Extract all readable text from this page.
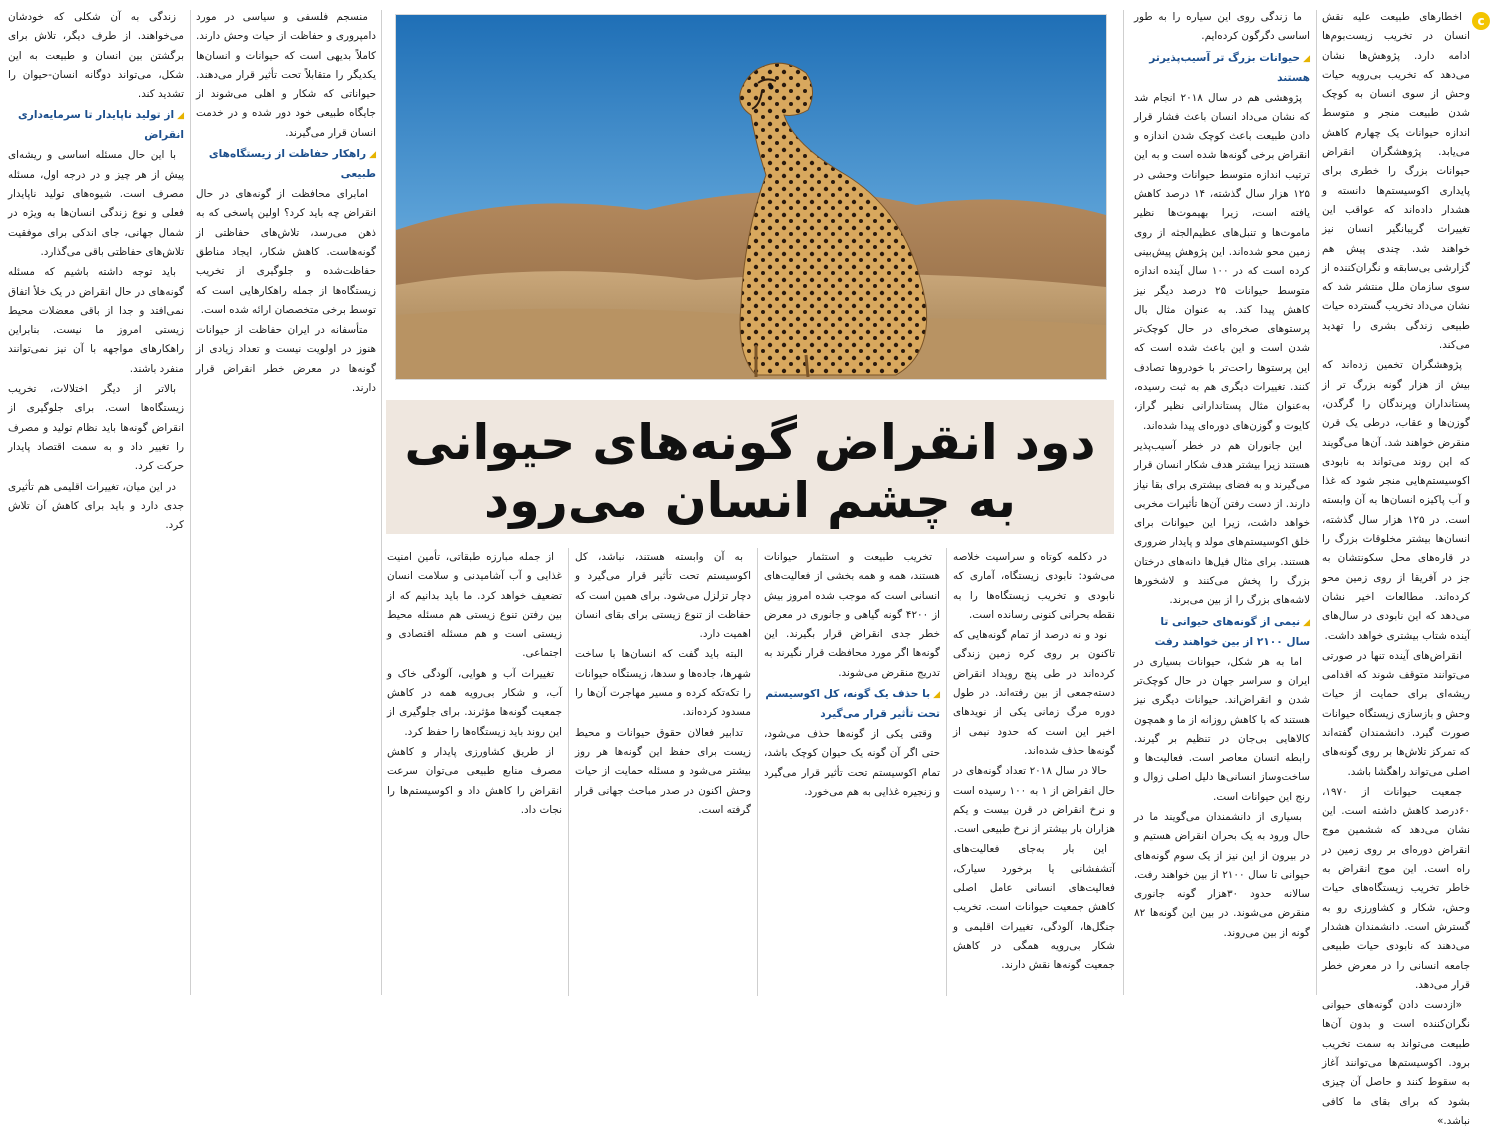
c

اخطارهای طبیعت علیه نقش انسان در تخریب زیست‌بوم‌ها ادامه دارد. پژوهش‌ها نشان می‌دهد که تخریب بی‌رویه حیات وحش از سوی انسان به کوچک شدن طبیعت منجر و متوسط اندازه حیوانات یک چهارم کاهش می‌یابد. پژوهشگران انقراض حیوانات بزرگ را خطری برای پایداری اکوسیستم‌ها دانسته و هشدار داده‌اند که عواقب این تغییرات گریبانگیر انسان نیز خواهند شد. چندی پیش هم گزارشی بی‌سابقه و نگران‌کننده از سوی سازمان ملل منتشر شد که نشان می‌داد تخریب گسترده حیات طبیعی زندگی بشری را تهدید می‌کند.

پژوهشگران تخمین زده‌اند که بیش از هزار گونه بزرگ تر از پستانداران وپرندگان را گرگدن، گوزن‌ها و عقاب، درطی یک قرن منقرض خواهند شد. آن‌ها می‌گویند که این روند می‌تواند به نابودی اکوسیستم‌هایی منجر شود که غذا و آب پاکیزه انسان‌ها به آن وابسته است. در ۱۲۵ هزار سال گذشته، انسان‌ها بیشتر مخلوقات بزرگ را در قاره‌های محل سکونتشان به جز در آفریقا از روی زمین محو کرده‌اند. مطالعات اخیر نشان می‌دهد که این نابودی در سال‌های آینده شتاب بیشتری خواهد داشت.

انقراض‌های آینده تنها در صورتی می‌توانند متوقف شوند که اقدامی ریشه‌ای برای حمایت از حیات وحش و بازسازی زیستگاه حیوانات صورت گیرد. دانشمندان گفته‌اند که تمرکز تلاش‌ها بر روی گونه‌های اصلی می‌تواند راهگشا باشد.

جمعیت حیوانات از ۱۹۷۰، ۶۰درصد کاهش داشته است. این نشان می‌دهد که ششمین موج انقراض دوره‌ای بر روی زمین در راه است. این موج انقراض به خاطر تخریب زیستگاه‌های حیات وحش، شکار و کشاورزی رو به گسترش است. دانشمندان هشدار می‌دهند که نابودی حیات طبیعی جامعه انسانی را در معرض خطر قرار می‌دهد.

«ازدست دادن گونه‌های حیوانی نگران‌کننده است و بدون آن‌ها طبیعت می‌تواند به سمت تخریب برود. اکوسیستم‌ها می‌توانند آغاز به سقوط کنند و حاصل آن چیزی بشود که برای بقای ما کافی نباشد.»

ما زندگی روی این سیاره را به طور اساسی دگرگون کرده‌ایم.

◢حیوانات بزرگ تر آسیب‌پذیرتر هستند

پژوهشی هم در سال ۲۰۱۸ انجام شد که نشان می‌داد انسان باعث فشار قرار دادن طبیعت باعث کوچک شدن اندازه و انقراض برخی گونه‌ها شده است و به این ترتیب اندازه متوسط حیوانات وحشی در ۱۲۵ هزار سال گذشته، ۱۴ درصد کاهش یافته است، زیرا بهیموت‌ها نظیر ماموت‌ها و تنبل‌های عظیم‌الجثه از روی زمین محو شده‌اند. این پژوهش پیش‌بینی کرده است که در ۱۰۰ سال آینده اندازه متوسط حیوانات ۲۵ درصد دیگر نیز کاهش پیدا کند. به عنوان مثال بال پرستوهای صخره‌ای در حال کوچک‌تر شدن است و این باعث شده است که این پرستوها راحت‌تر با خودروها تصادف کنند. تغییرات دیگری هم به ثبت رسیده، به‌عنوان مثال پستاندارانی نظیر گراز، کایوت و گوزن‌های دوره‌ای پیدا شده‌اند.

این جانوران هم در خطر آسیب‌پذیر هستند زیرا بیشتر هدف شکار انسان قرار می‌گیرند و به فضای بیشتری برای بقا نیاز دارند. از دست رفتن آن‌ها تأثیرات مخربی خواهد داشت، زیرا این حیوانات برای خلق اکوسیستم‌های مولد و پایدار ضروری هستند. برای مثال فیل‌ها دانه‌های درختان بزرگ را پخش می‌کنند و لاشخورها لاشه‌های بزرگ را از بین می‌برند.

◢نیمی از گونه‌های حیوانی تا سال ۲۱۰۰ از بین خواهند رفت

اما به هر شکل، حیوانات بسیاری در ایران و سراسر جهان در حال کوچک‌تر شدن و انقراض‌اند. حیوانات دیگری نیز هستند که با کاهش روزانه از ما و همچون کالاهایی بی‌جان در تنظیم بر گیرند. رابطه انسان معاصر است. فعالیت‌ها و ساخت‌وساز انسانی‌ها دلیل اصلی زوال و رنج این حیوانات است.

بسیاری از دانشمندان می‌گویند ما در حال ورود به یک بحران انقراض هستیم و در بیرون از این نیز از یک سوم گونه‌های حیوانی تا سال ۲۱۰۰ از بین خواهند رفت. سالانه حدود ۳۰هزار گونه جانوری منقرض می‌شوند. در بین این گونه‌ها ۸۲ گونه از بین می‌روند.

دود انقراض گونه‌های حیوانی
به چشم انسان می‌رود

در دکلمه کوتاه و سراسیت خلاصه می‌شود: نابودی زیستگاه، آماری که نابودی و تخریب زیستگاه‌ها را به نقطه بحرانی کنونی رسانده است.

نود و نه درصد از تمام گونه‌هایی که تاکنون بر روی کره زمین زندگی کرده‌اند در طی پنج رویداد انقراض دسته‌جمعی از بین رفته‌اند. در طول دوره مرگ زمانی یکی از نویدهای اخیر این است که حدود نیمی از گونه‌ها حذف شده‌اند.

حالا در سال ۲۰۱۸ تعداد گونه‌های در حال انقراض از ۱ به ۱۰۰ رسیده است و نرخ انقراض در قرن بیست و یکم هزاران بار بیشتر از نرخ طبیعی است.

این بار به‌جای فعالیت‌های آتشفشانی یا برخورد سیارک، فعالیت‌های انسانی عامل اصلی کاهش جمعیت حیوانات است. تخریب جنگل‌ها، آلودگی، تغییرات اقلیمی و شکار بی‌رویه همگی در کاهش جمعیت گونه‌ها نقش دارند.

تخریب طبیعت و استثمار حیوانات هستند، همه و همه بخشی از فعالیت‌های انسانی است که موجب شده امروز بیش از ۴۲۰۰ گونه گیاهی و جانوری در معرض خطر جدی انقراض قرار بگیرند. این گونه‌ها اگر مورد محافظت قرار نگیرند به تدریج منقرض می‌شوند.

◢با حذف یک گونه، کل اکوسیستم تحت تأثیر قرار می‌گیرد

وقتی یکی از گونه‌ها حذف می‌شود، حتی اگر آن گونه یک حیوان کوچک باشد، تمام اکوسیستم تحت تأثیر قرار می‌گیرد و زنجیره غذایی به هم می‌خورد.

به آن وابسته هستند، نباشد، کل اکوسیستم تحت تأثیر قرار می‌گیرد و دچار تزلزل می‌شود. برای همین است که حفاظت از تنوع زیستی برای بقای انسان اهمیت دارد.

البته باید گفت که انسان‌ها با ساخت شهرها، جاده‌ها و سدها، زیستگاه حیوانات را تکه‌تکه کرده و مسیر مهاجرت آن‌ها را مسدود کرده‌اند.

تدابیر فعالان حقوق حیوانات و محیط زیست برای حفظ این گونه‌ها هر روز بیشتر می‌شود و مسئله حمایت از حیات وحش اکنون در صدر مباحث جهانی قرار گرفته است.

از جمله مبارزه طبقاتی، تأمین امنیت غذایی و آب آشامیدنی و سلامت انسان تضعیف خواهد کرد. ما باید بدانیم که از بین رفتن تنوع زیستی هم مسئله محیط زیستی است و هم مسئله اقتصادی و اجتماعی.

تغییرات آب و هوایی، آلودگی خاک و آب، و شکار بی‌رویه همه در کاهش جمعیت گونه‌ها مؤثرند. برای جلوگیری از این روند باید زیستگاه‌ها را حفظ کرد.

از طریق کشاورزی پایدار و کاهش مصرف منابع طبیعی می‌توان سرعت انقراض را کاهش داد و اکوسیستم‌ها را نجات داد.

منسجم فلسفی و سیاسی در مورد دامپروری و حفاظت از حیات وحش دارند. کاملاً بدیهی است که حیوانات و انسان‌ها یکدیگر را متقابلاً تحت تأثیر قرار می‌دهند. حیواناتی که شکار و اهلی می‌شوند از جایگاه طبیعی خود دور شده و در خدمت انسان قرار می‌گیرند.

◢راهکار حفاظت از زیستگاه‌های طبیعی

امابرای محافظت از گونه‌های در حال انقراض چه باید کرد؟ اولین پاسخی که به ذهن می‌رسد، تلاش‌های حفاظتی از گونه‌هاست. کاهش شکار، ایجاد مناطق حفاظت‌شده و جلوگیری از تخریب زیستگاه‌ها از جمله راهکارهایی است که توسط برخی متخصصان ارائه شده است.

متأسفانه در ایران حفاظت از حیوانات هنوز در اولویت نیست و تعداد زیادی از گونه‌ها در معرض خطر انقراض قرار دارند.

زندگی به آن شکلی که خودشان می‌خواهند. از طرف دیگر، تلاش برای برگشتن بین انسان و طبیعت به این شکل، می‌تواند دوگانه انسان-حیوان را تشدید کند.

◢از تولید ناپایدار تا سرمایه‌داری انقراض

با این حال مسئله اساسی و ریشه‌ای پیش از هر چیز و در درجه اول، مسئله مصرف است. شیوه‌های تولید ناپایدار فعلی و نوع زندگی انسان‌ها به ویژه در شمال جهانی، جای اندکی برای موفقیت تلاش‌های حفاظتی باقی می‌گذارد.

باید توجه داشته باشیم که مسئله گونه‌های در حال انقراض در یک خلأ اتفاق نمی‌افتد و جدا از باقی معضلات محیط زیستی امروز ما نیست. بنابراین راهکارهای مواجهه با آن نیز نمی‌توانند منفرد باشند.

بالاتر از دیگر اختلالات، تخریب زیستگاه‌ها است. برای جلوگیری از انقراض گونه‌ها باید نظام تولید و مصرف را تغییر داد و به سمت اقتصاد پایدار حرکت کرد.

در این میان، تغییرات اقلیمی هم تأثیری جدی دارد و باید برای کاهش آن تلاش کرد.
